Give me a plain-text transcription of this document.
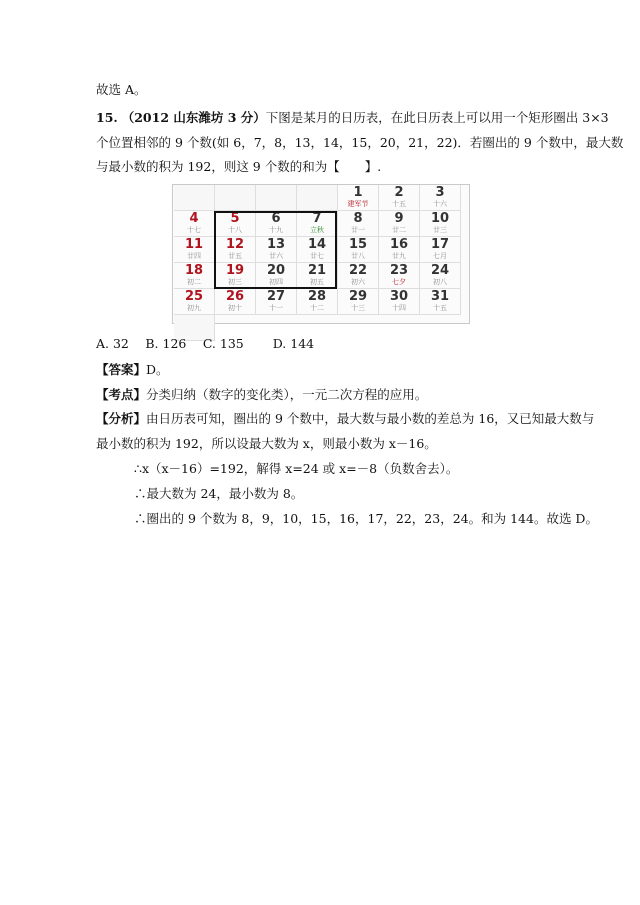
故选 A。
15. （2012 山东潍坊 3 分）下图是某月的日历表，在此日历表上可以用一个矩形圈出 3×3
个位置相邻的 9 个数(如 6，7，8，13，14，15，20，21，22)．若圈出的 9 个数中，最大数
与最小数的积为 192，则这 9 个数的和为【　　】.
1
建军节
2
十五
3
十六
4
十七
5
十八
6
十九
7
立秋
8
廿一
9
廿二
10
廿三
11
廿四
12
廿五
13
廿六
14
廿七
15
廿八
16
廿九
17
七月
18
初二
19
初三
20
初四
21
初五
22
初六
23
七夕
24
初八
25
初九
26
初十
27
十一
28
十二
29
十三
30
十四
31
十五
A. 32　 B. 126　 C. 135　　 D. 144
【答案】D。
【考点】分类归纳（数字的变化类），一元二次方程的应用。
【分析】由日历表可知，圈出的 9 个数中，最大数与最小数的差总为 16，又已知最大数与
最小数的积为 192，所以设最大数为 x，则最小数为 x－16。
∴x（x－16）=192，解得 x=24 或 x=－8（负数舍去）。
∴最大数为 24，最小数为 8。
∴圈出的 9 个数为 8，9，10，15，16，17，22，23，24。和为 144。故选 D。
